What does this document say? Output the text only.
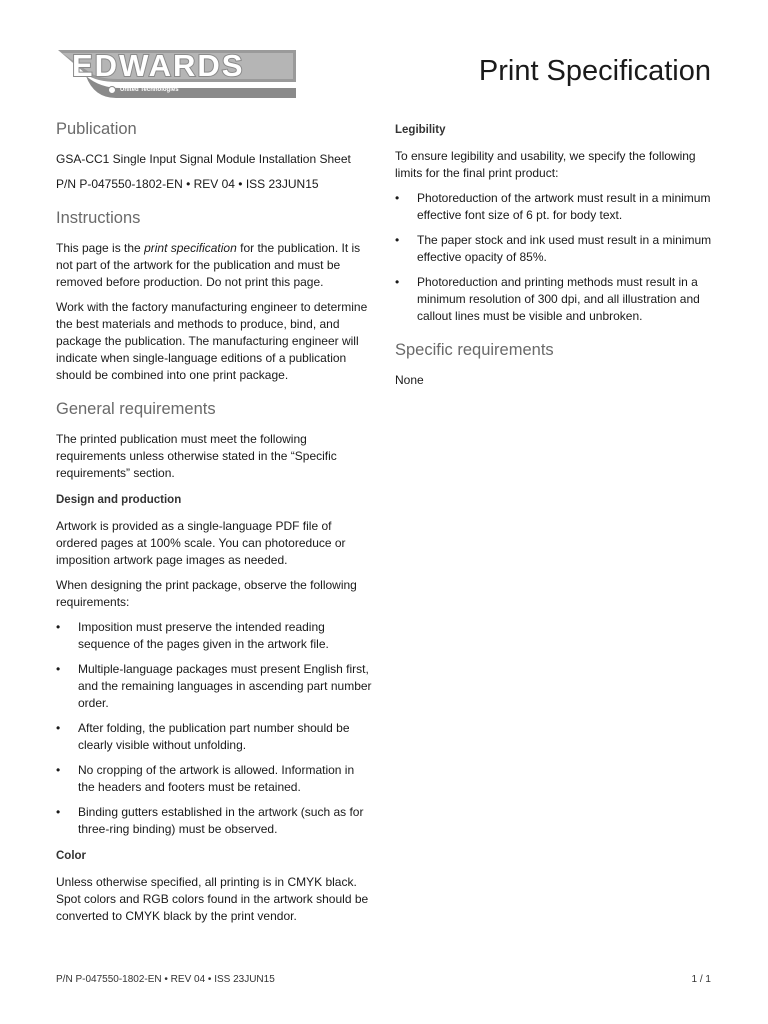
EDWARDS
United Technologies
Print Specification
Publication

GSA-CC1 Single Input Signal Module Installation Sheet

P/N P-047550-1802-EN • REV 04 • ISS 23JUN15

Instructions

This page is the print specification for the publication. It is not part of the artwork for the publication and must be removed before production. Do not print this page.

Work with the factory manufacturing engineer to determine the best materials and methods to produce, bind, and package the publication. The manufacturing engineer will indicate when single-language editions of a publication should be combined into one print package.

General requirements

The printed publication must meet the following requirements unless otherwise stated in the “Specific requirements” section.

Design and production

Artwork is provided as a single-language PDF file of ordered pages at 100% scale. You can photoreduce or imposition artwork page images as needed.

When designing the print package, observe the following requirements:

• Imposition must preserve the intended reading sequence of the pages given in the artwork file.
• Multiple-language packages must present English first, and the remaining languages in ascending part number order.
• After folding, the publication part number should be clearly visible without unfolding.
• No cropping of the artwork is allowed. Information in the headers and footers must be retained.
• Binding gutters established in the artwork (such as for three-ring binding) must be observed.
Color

Unless otherwise specified, all printing is in CMYK black. Spot colors and RGB colors found in the artwork should be converted to CMYK black by the print vendor.

Legibility

To ensure legibility and usability, we specify the following limits for the final print product:

• Photoreduction of the artwork must result in a minimum effective font size of 6 pt. for body text.
• The paper stock and ink used must result in a minimum effective opacity of 85%.
• Photoreduction and printing methods must result in a minimum resolution of 300 dpi, and all illustration and callout lines must be visible and unbroken.
Specific requirements

None

P/N P-047550-1802-EN • REV 04 • ISS 23JUN15	1 / 1
